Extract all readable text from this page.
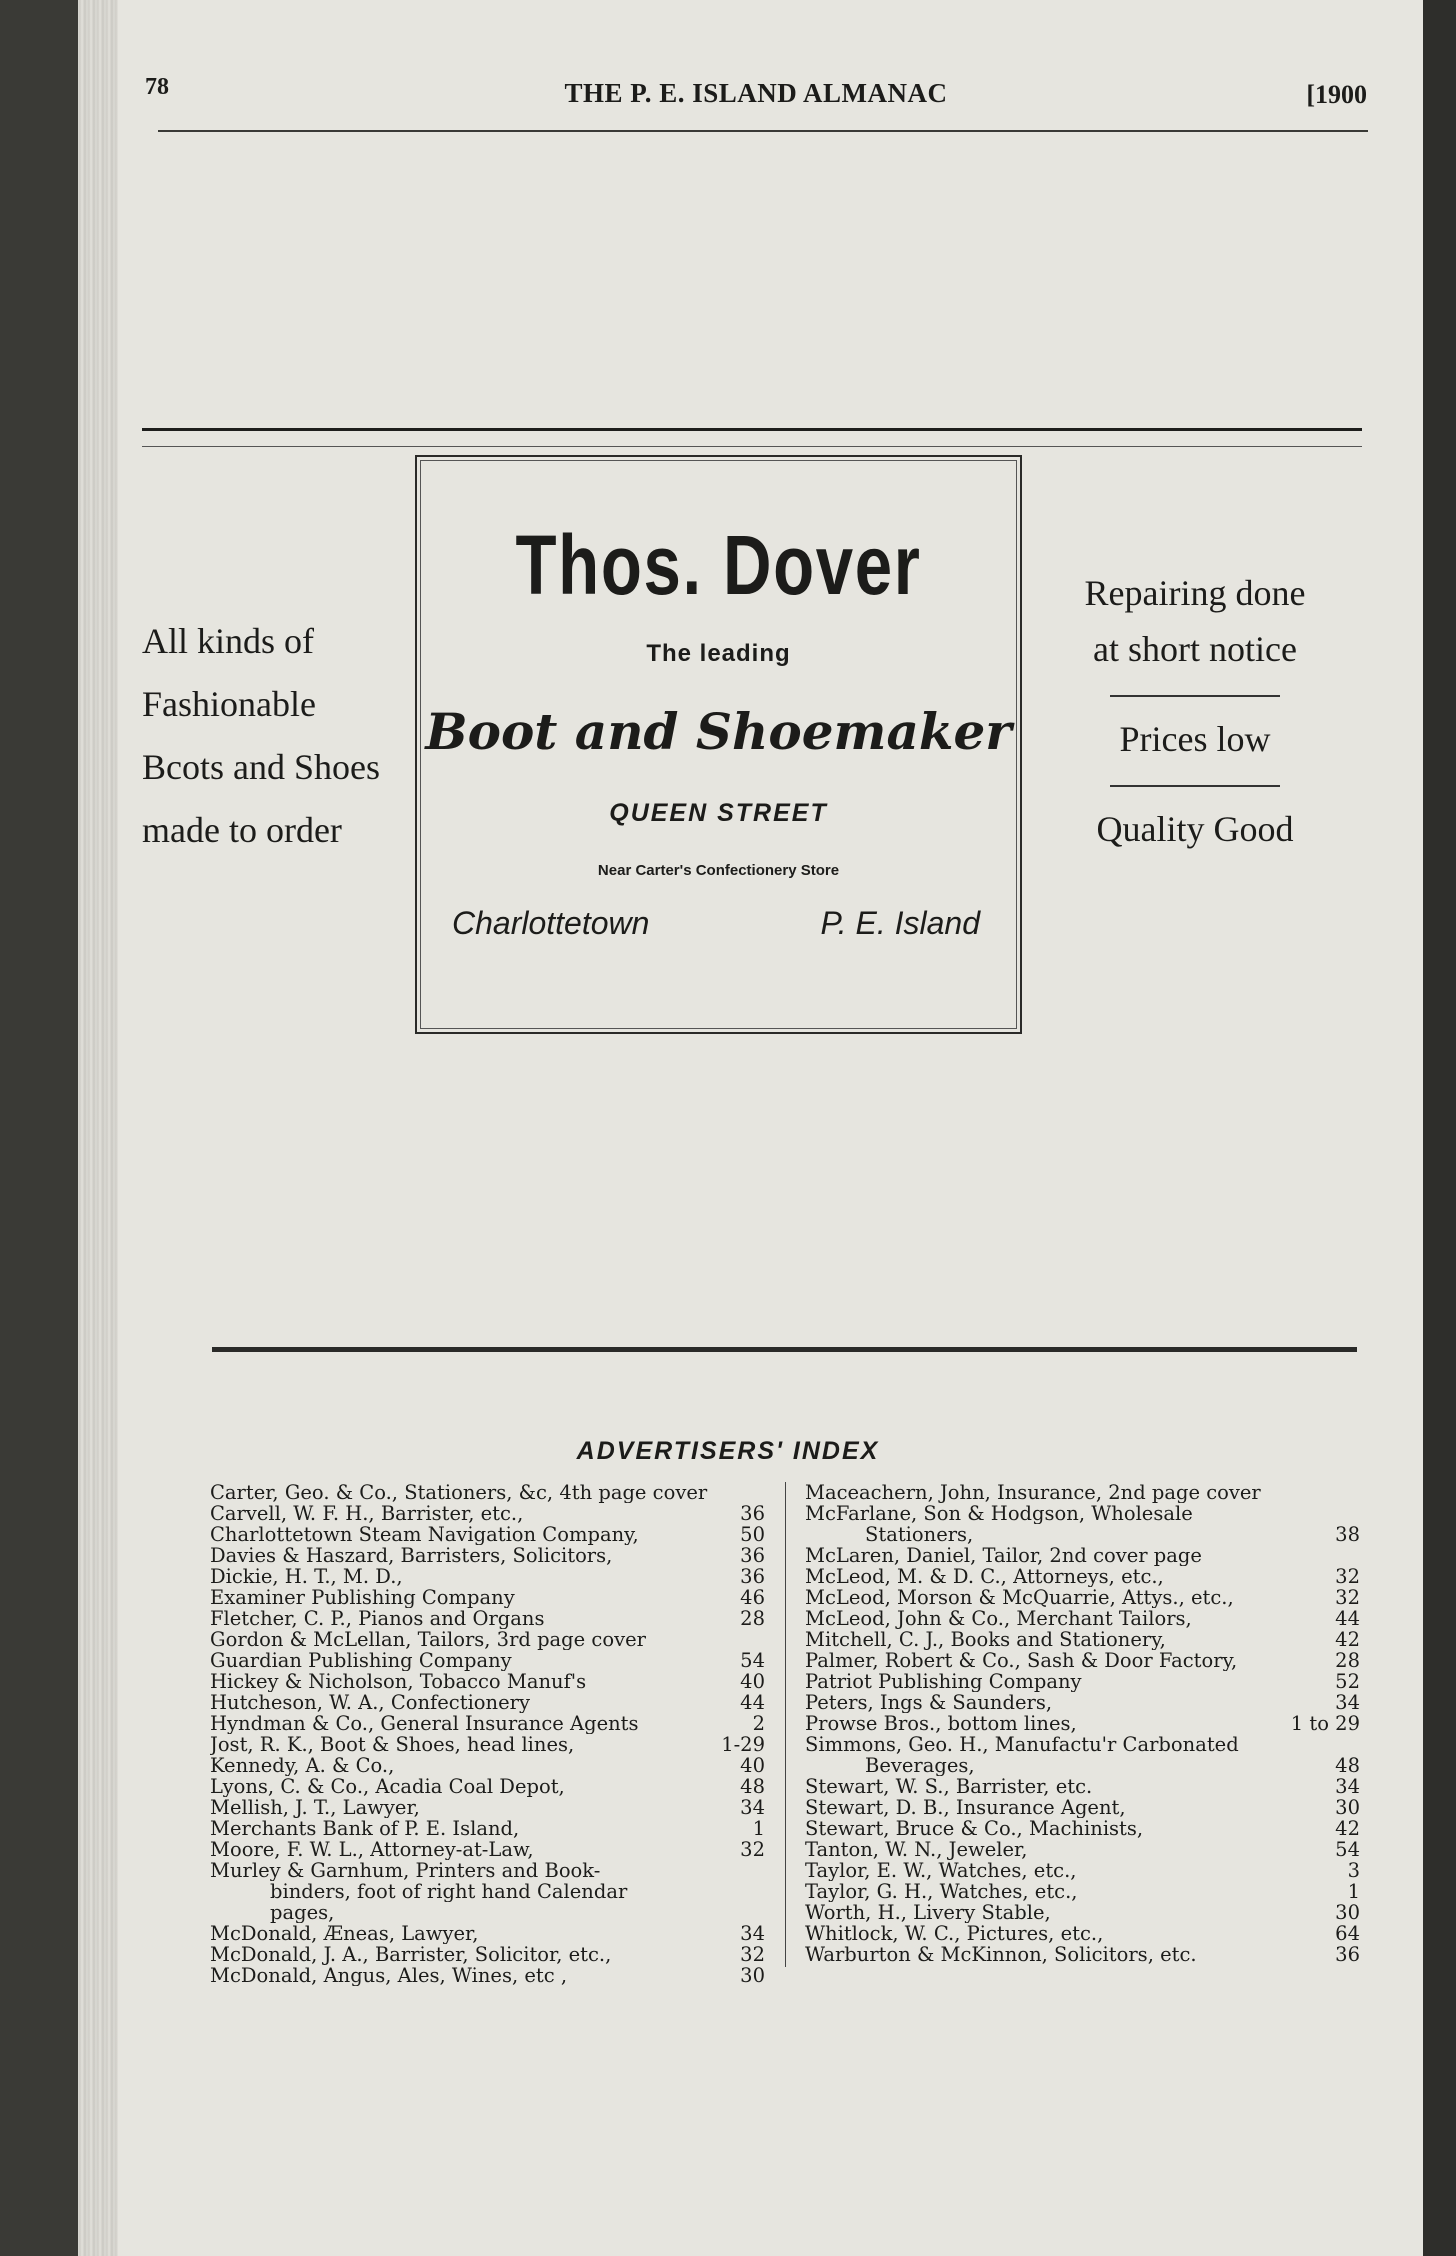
78	THE P. E. ISLAND ALMANAC	[1900
All kinds of
Fashionable
Bcots and Shoes
made to order
Thos. Dover
The leading
Boot and Shoemaker
QUEEN STREET
Near Carter's Confectionery Store
Charlottetown	P. E. Island
Repairing done
at short notice
Prices low
Quality Good
ADVERTISERS' INDEX
Carter, Geo. & Co., Stationers, &c, 4th page cover
Carvell, W. F. H., Barrister, etc.,	36
Charlottetown Steam Navigation Company,	50
Davies & Haszard, Barristers, Solicitors,	36
Dickie, H. T., M. D.,	36
Examiner Publishing Company	46
Fletcher, C. P., Pianos and Organs	28
Gordon & McLellan, Tailors, 3rd page cover
Guardian Publishing Company	54
Hickey & Nicholson, Tobacco Manuf's	40
Hutcheson, W. A., Confectionery	44
Hyndman & Co., General Insurance Agents	2
Jost, R. K., Boot & Shoes, head lines,	1-29
Kennedy, A. & Co.,	40
Lyons, C. & Co., Acadia Coal Depot,	48
Mellish, J. T., Lawyer,	34
Merchants Bank of P. E. Island,	1
Moore, F. W. L., Attorney-at-Law,	32
Murley & Garnhum, Printers and Book-
binders, foot of right hand Calendar
pages,
McDonald, Æneas, Lawyer,	34
McDonald, J. A., Barrister, Solicitor, etc.,	32
McDonald, Angus, Ales, Wines, etc ,	30
Maceachern, John, Insurance, 2nd page cover
McFarlane, Son & Hodgson, Wholesale
Stationers,	38
McLaren, Daniel, Tailor, 2nd cover page
McLeod, M. & D. C., Attorneys, etc.,	32
McLeod, Morson & McQuarrie, Attys., etc.,	32
McLeod, John & Co., Merchant Tailors,	44
Mitchell, C. J., Books and Stationery,	42
Palmer, Robert & Co., Sash & Door Factory,	28
Patriot Publishing Company	52
Peters, Ings & Saunders,	34
Prowse Bros., bottom lines,	1 to 29
Simmons, Geo. H., Manufactu'r Carbonated
Beverages,	48
Stewart, W. S., Barrister, etc.	34
Stewart, D. B., Insurance Agent,	30
Stewart, Bruce & Co., Machinists,	42
Tanton, W. N., Jeweler,	54
Taylor, E. W., Watches, etc.,	3
Taylor, G. H., Watches, etc.,	1
Worth, H., Livery Stable,	30
Whitlock, W. C., Pictures, etc.,	64
Warburton & McKinnon, Solicitors, etc.	36
